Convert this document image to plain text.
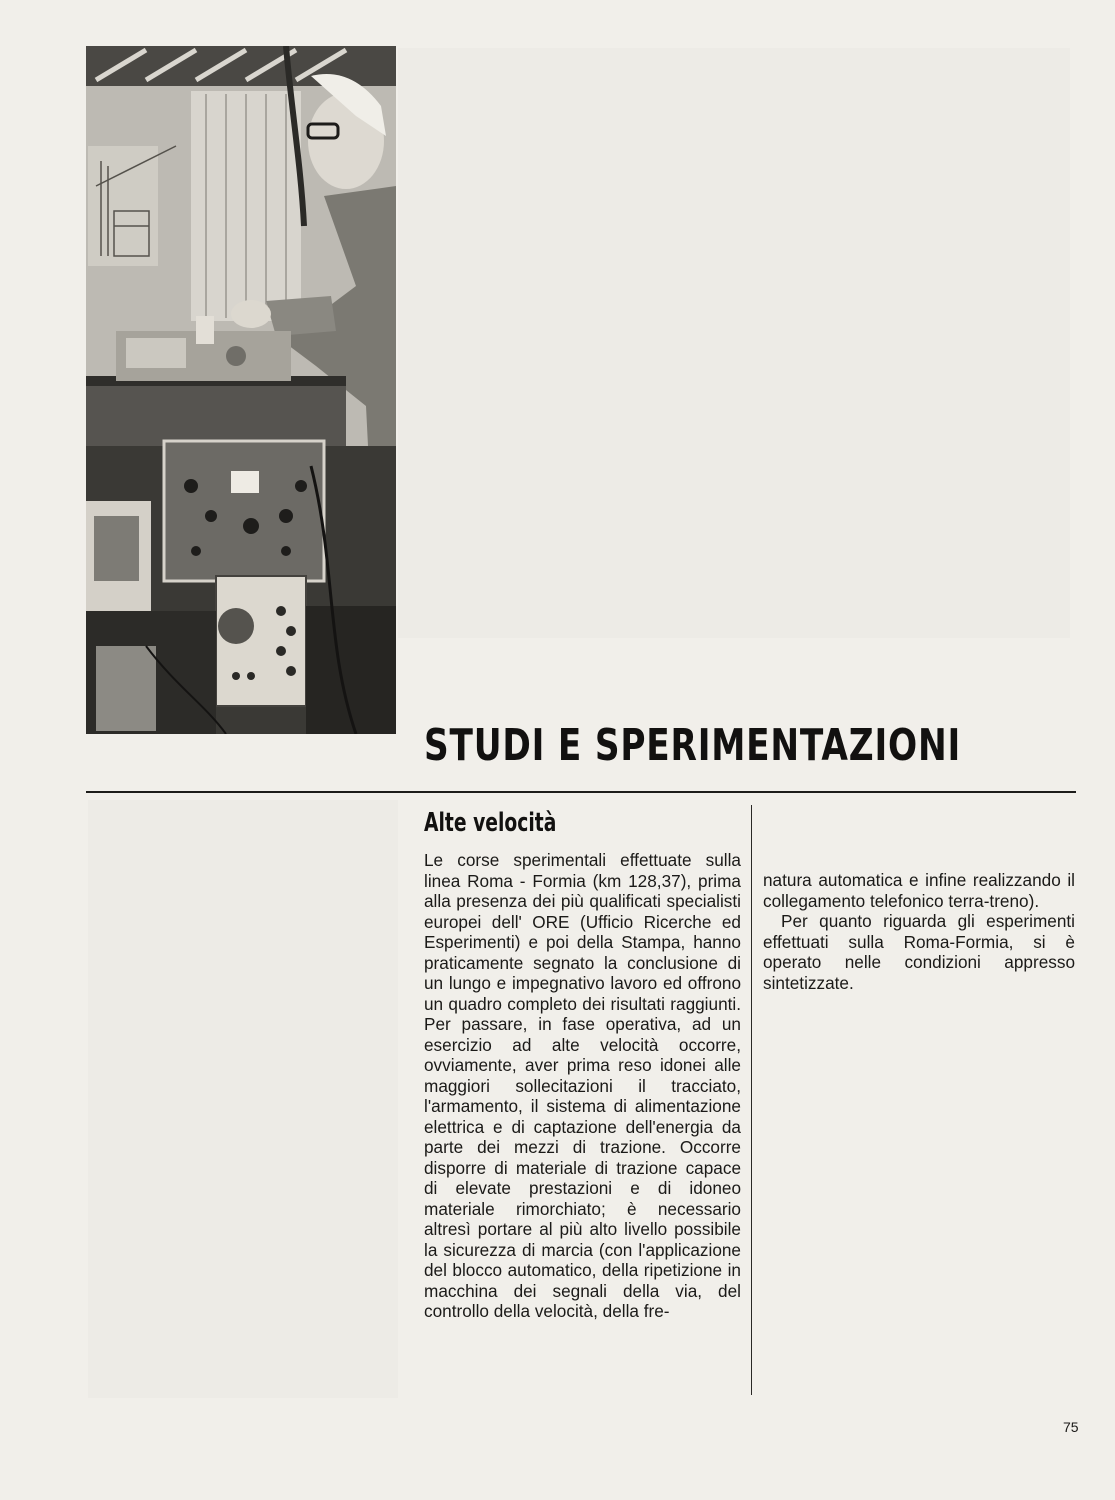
STUDI E SPERIMENTAZIONI
Alte velocità

Le corse sperimentali effettuate sulla linea Roma - Formia (km 128,37), prima alla presenza dei più qualificati specialisti europei dell' ORE (Ufficio Ricerche ed Esperimenti) e poi della Stampa, hanno praticamente segnato la conclusione di un lungo e impegnativo lavoro ed offrono un quadro completo dei risultati raggiunti. Per passare, in fase operativa, ad un esercizio ad alte velocità occorre, ovviamente, aver prima reso idonei alle maggiori sollecitazioni il tracciato, l'armamento, il sistema di alimentazione elettrica e di captazione dell'energia da parte dei mezzi di trazione. Occorre disporre di materiale di trazione capace di elevate prestazioni e di idoneo materiale rimorchiato; è necessario altresì portare al più alto livello possibile la sicurezza di marcia (con l'applicazione del blocco automatico, della ripetizione in macchina dei segnali della via, del controllo della velocità, della fre-

natura automatica e infine realizzando il collegamento telefonico terra-treno).

Per quanto riguarda gli esperimenti effettuati sulla Roma-Formia, si è operato nelle condizioni appresso sintetizzate.

75
